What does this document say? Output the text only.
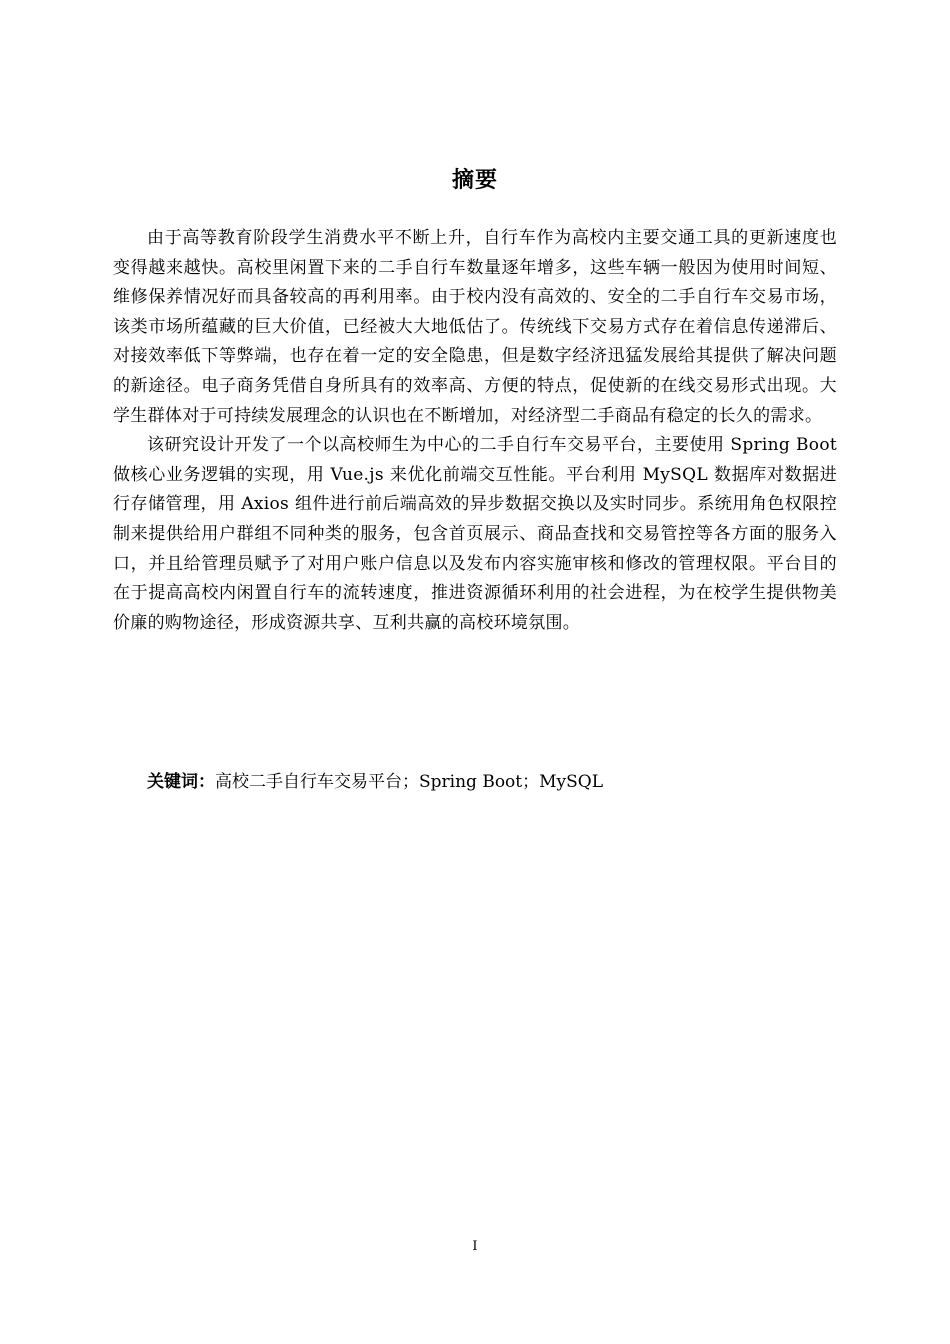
摘要

由于高等教育阶段学生消费水平不断上升，自行车作为高校内主要交通工具的更新速度也变得越来越快。高校里闲置下来的二手自行车数量逐年增多，这些车辆一般因为使用时间短、维修保养情况好而具备较高的再利用率。由于校内没有高效的、安全的二手自行车交易市场，该类市场所蕴藏的巨大价值，已经被大大地低估了。传统线下交易方式存在着信息传递滞后、对接效率低下等弊端，也存在着一定的安全隐患，但是数字经济迅猛发展给其提供了解决问题的新途径。电子商务凭借自身所具有的效率高、方便的特点，促使新的在线交易形式出现。大学生群体对于可持续发展理念的认识也在不断增加，对经济型二手商品有稳定的长久的需求。

该研究设计开发了一个以高校师生为中心的二手自行车交易平台，主要使用 Spring Boot 做核心业务逻辑的实现，用 Vue.js 来优化前端交互性能。平台利用 MySQL 数据库对数据进行存储管理，用 Axios 组件进行前后端高效的异步数据交换以及实时同步。系统用角色权限控制来提供给用户群组不同种类的服务，包含首页展示、商品查找和交易管控等各方面的服务入口，并且给管理员赋予了对用户账户信息以及发布内容实施审核和修改的管理权限。平台目的在于提高高校内闲置自行车的流转速度，推进资源循环利用的社会进程，为在校学生提供物美价廉的购物途径，形成资源共享、互利共赢的高校环境氛围。

关键词：高校二手自行车交易平台；Spring Boot；MySQL
I
